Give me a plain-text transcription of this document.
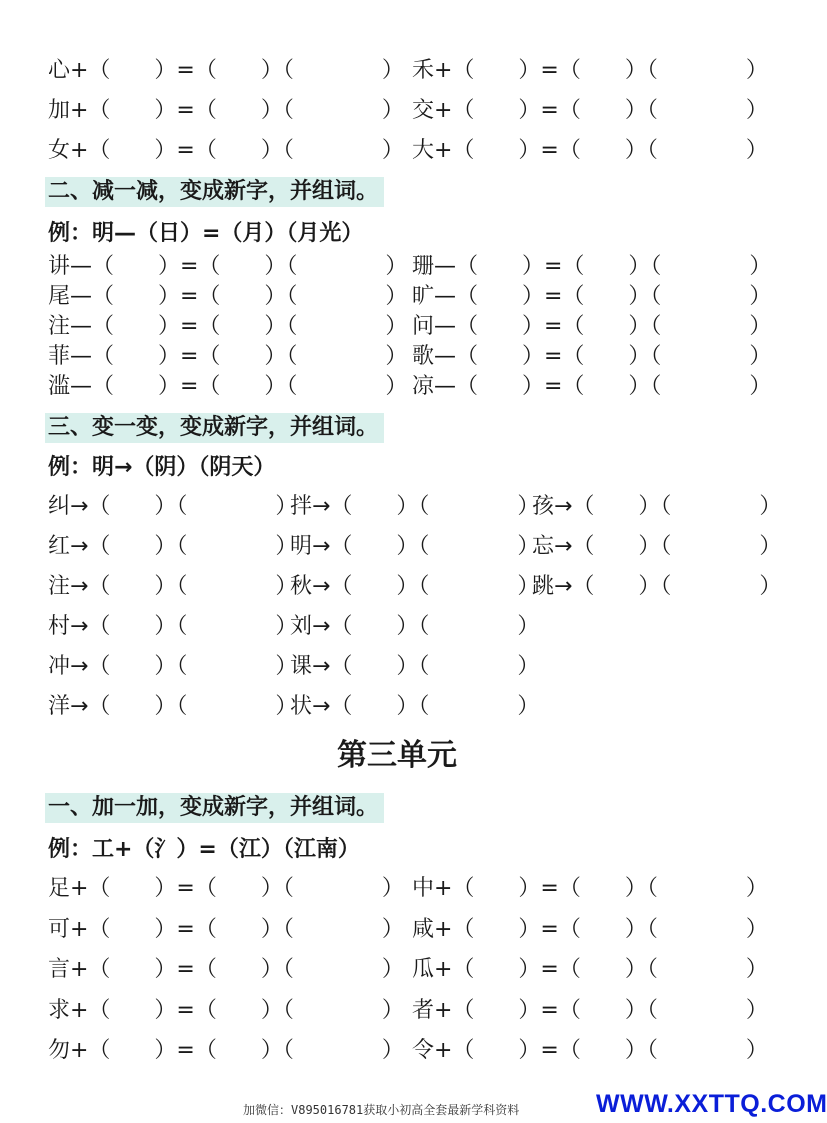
心+（　　）=（　　）（　　　　） 禾+（　　）=（　　）（　　　　）
加+（　　）=（　　）（　　　　） 交+（　　）=（　　）（　　　　）
女+（　　）=（　　）（　　　　） 大+（　　）=（　　）（　　　　）
二、减一减，变成新字，并组词。
例：明—（日）=（月）（月光）
讲—（　　）=（　　）（　　　　） 珊—（　　）=（　　）（　　　　）
尾—（　　）=（　　）（　　　　） 旷—（　　）=（　　）（　　　　）
注—（　　）=（　　）（　　　　） 问—（　　）=（　　）（　　　　）
菲—（　　）=（　　）（　　　　） 歌—（　　）=（　　）（　　　　）
滥—（　　）=（　　）（　　　　） 凉—（　　）=（　　）（　　　　）
三、变一变，变成新字，并组词。
例：明→（阴）（阴天）
纠→（　　）（　　　　）
拌→（　　）（　　　　）
孩→（　　）（　　　　）
红→（　　）（　　　　）
明→（　　）（　　　　）
忘→（　　）（　　　　）
注→（　　）（　　　　）
秋→（　　）（　　　　）
跳→（　　）（　　　　）
村→（　　）（　　　　）
刘→（　　）（　　　　）
冲→（　　）（　　　　）
课→（　　）（　　　　）
洋→（　　）（　　　　）
状→（　　）（　　　　）
第三单元
一、加一加，变成新字，并组词。
例：工+（氵）=（江）（江南）
足+（　　）=（　　）（　　　　） 中+（　　）=（　　）（　　　　）
可+（　　）=（　　）（　　　　） 咸+（　　）=（　　）（　　　　）
言+（　　）=（　　）（　　　　） 瓜+（　　）=（　　）（　　　　）
求+（　　）=（　　）（　　　　） 者+（　　）=（　　）（　　　　）
勿+（　　）=（　　）（　　　　） 令+（　　）=（　　）（　　　　）
加微信：V895016781获取小初高全套最新学科资料	WWW.XXTTQ.COM
